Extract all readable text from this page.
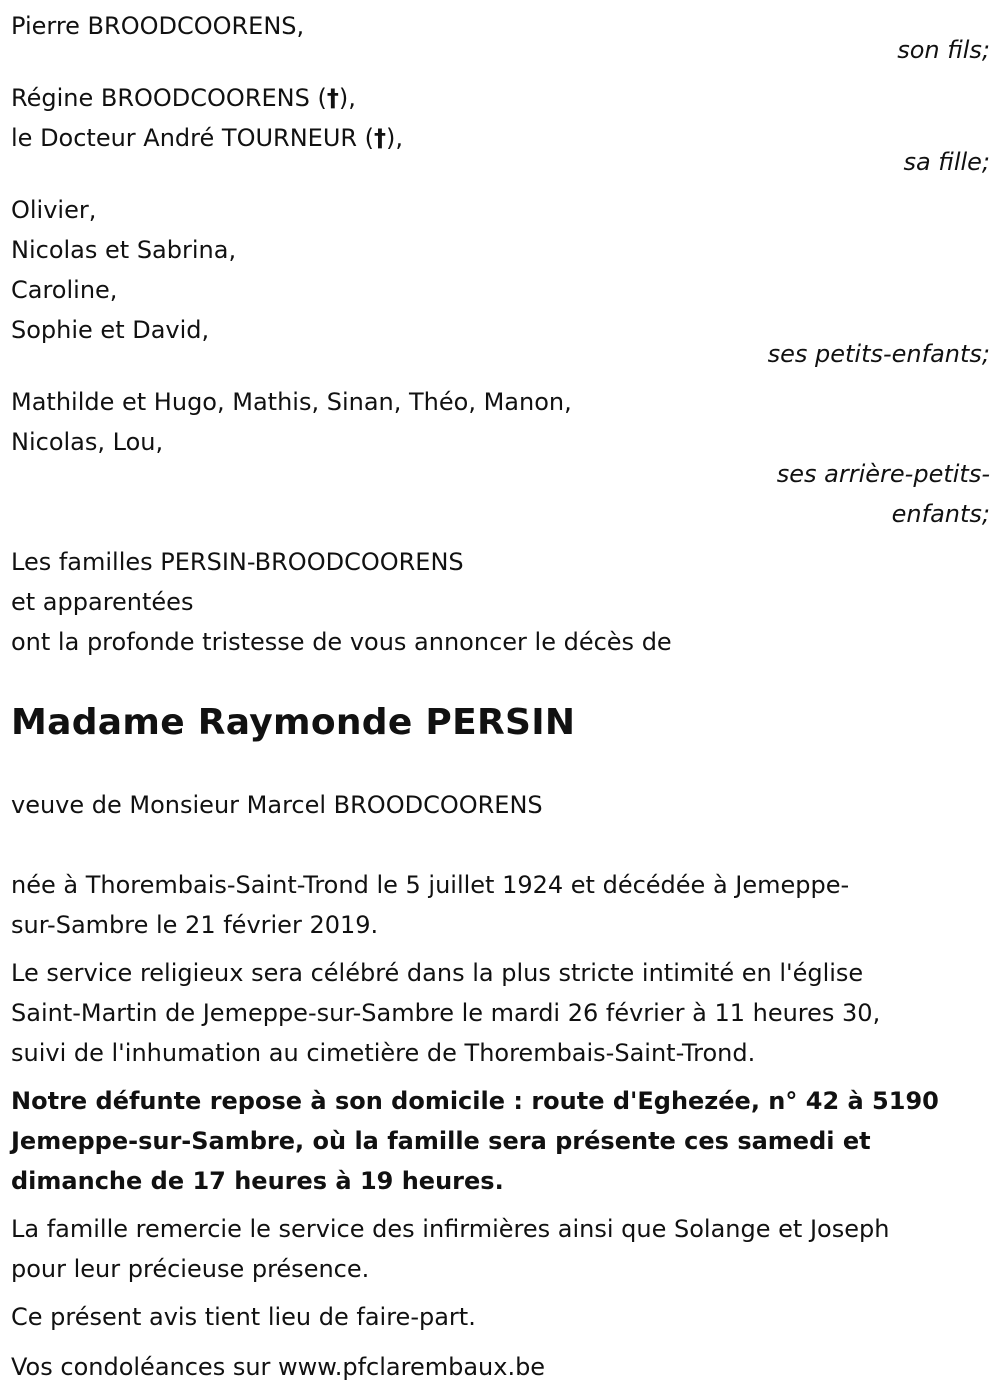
Pierre BROODCOORENS,
son fils;
Régine BROODCOORENS (†),
le Docteur André TOURNEUR (†),
sa fille;
Olivier,
Nicolas et Sabrina,
Caroline,
Sophie et David,
ses petits-enfants;
Mathilde et Hugo, Mathis, Sinan, Théo, Manon,
Nicolas, Lou,
ses arrière-petits-
enfants;
Les familles PERSIN-BROODCOORENS
et apparentées
ont la profonde tristesse de vous annoncer le décès de
Madame Raymonde PERSIN
veuve de Monsieur Marcel BROODCOORENS
née à Thorembais-Saint-Trond le 5 juillet 1924 et décédée à Jemeppe-
sur-Sambre le 21 février 2019.
Le service religieux sera célébré dans la plus stricte intimité en l'église
Saint-Martin de Jemeppe-sur-Sambre le mardi 26 février à 11 heures 30,
suivi de l'inhumation au cimetière de Thorembais-Saint-Trond.
Notre défunte repose à son domicile : route d'Eghezée, n° 42 à 5190
Jemeppe-sur-Sambre, où la famille sera présente ces samedi et
dimanche de 17 heures à 19 heures.
La famille remercie le service des infirmières ainsi que Solange et Joseph
pour leur précieuse présence.
Ce présent avis tient lieu de faire-part.
Vos condoléances sur www.pfclarembaux.be
